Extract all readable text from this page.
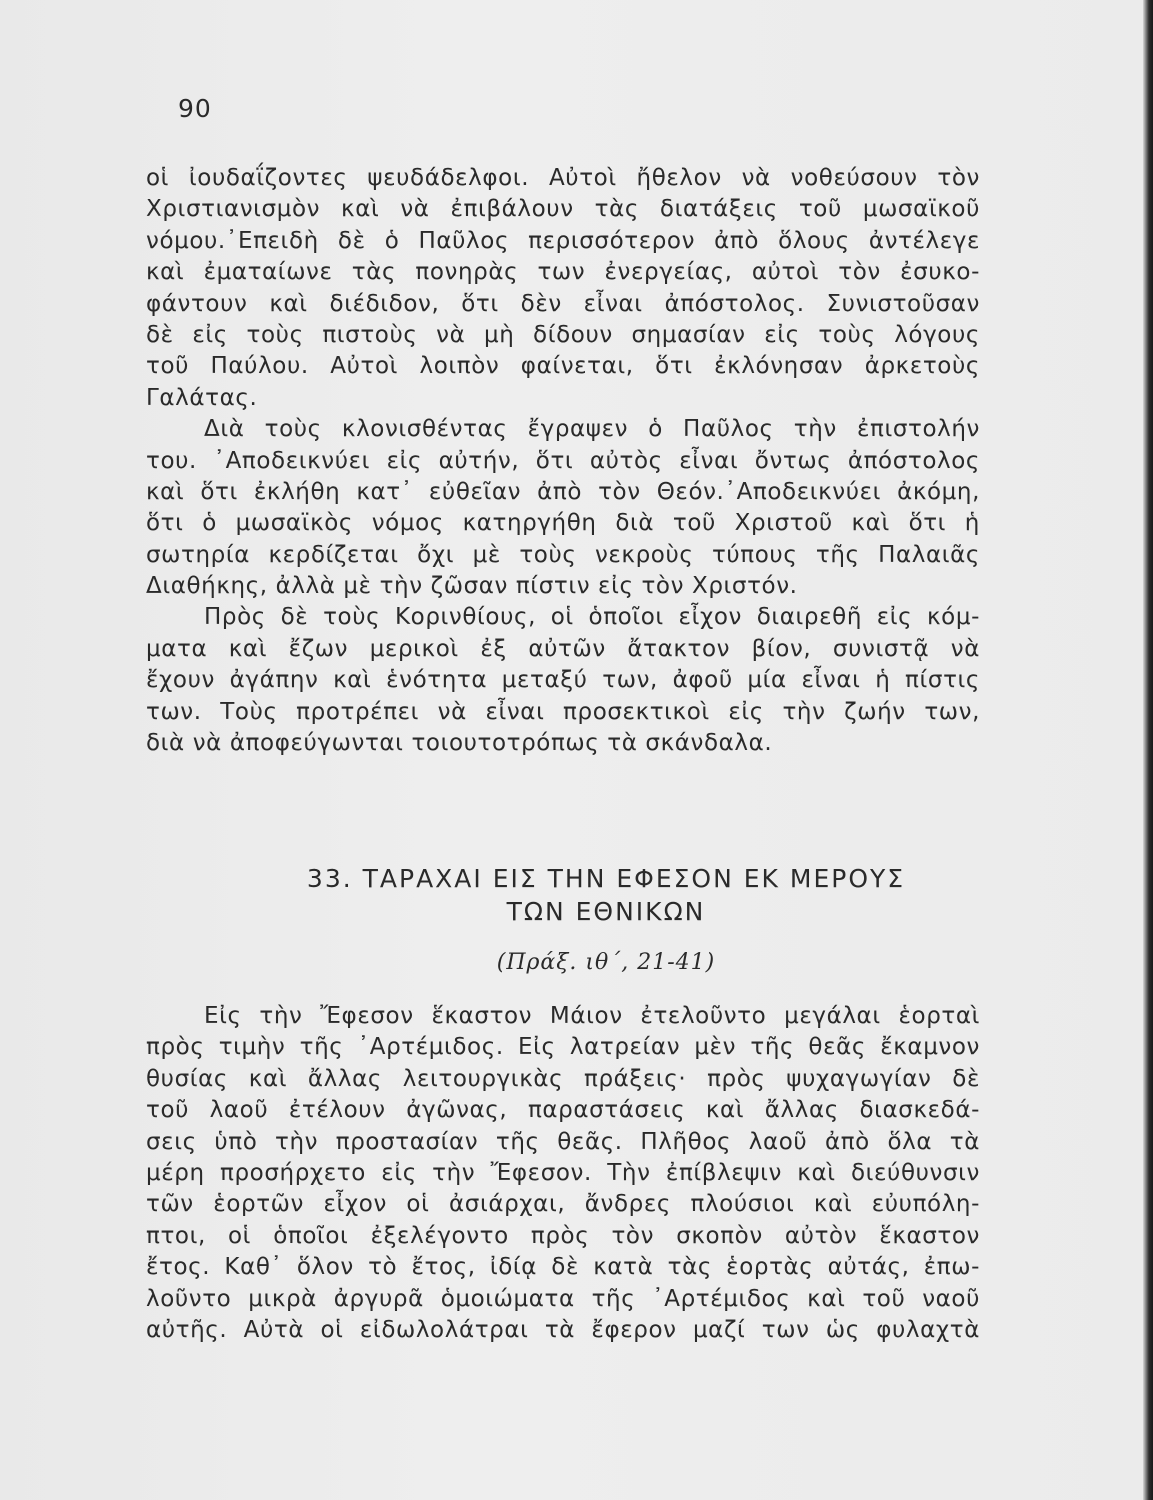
90
οἱ ἰουδαΐζοντες ψευδάδελφοι. Αὐτοὶ ἤθελον νὰ νοθεύσουν τὸν
Χριστιανισμὸν καὶ νὰ ἐπιβάλουν τὰς διατάξεις τοῦ μωσαϊκοῦ
νόμου.᾿Επειδὴ δὲ ὁ Παῦλος περισσότερον ἀπὸ ὅλους ἀντέλεγε
καὶ ἐματαίωνε τὰς πονηρὰς των ἐνεργείας, αὐτοὶ τὸν ἐσυκο-
φάντουν καὶ διέδιδον, ὅτι δὲν εἶναι ἀπόστολος. Συνιστοῦσαν
δὲ εἰς τοὺς πιστοὺς νὰ μὴ δίδουν σημασίαν εἰς τοὺς λόγους
τοῦ Παύλου. Αὐτοὶ λοιπὸν φαίνεται, ὅτι ἐκλόνησαν ἀρκετοὺς
Γαλάτας.
Διὰ τοὺς κλονισθέντας ἔγραψεν ὁ Παῦλος τὴν ἐπιστολήν
του. ᾿Αποδεικνύει εἰς αὐτήν, ὅτι αὐτὸς εἶναι ὄντως ἀπόστολος
καὶ ὅτι ἐκλήθη κατ᾿ εὐθεῖαν ἀπὸ τὸν Θεόν.᾿Αποδεικνύει ἀκόμη,
ὅτι ὁ μωσαϊκὸς νόμος κατηργήθη διὰ τοῦ Χριστοῦ καὶ ὅτι ἡ
σωτηρία κερδίζεται ὄχι μὲ τοὺς νεκροὺς τύπους τῆς Παλαιᾶς
Διαθήκης, ἀλλὰ μὲ τὴν ζῶσαν πίστιν εἰς τὸν Χριστόν.
Πρὸς δὲ τοὺς Κορινθίους, οἱ ὁποῖοι εἶχον διαιρεθῆ εἰς κόμ-
ματα καὶ ἔζων μερικοὶ ἐξ αὐτῶν ἄτακτον βίον, συνιστᾷ νὰ
ἔχουν ἀγάπην καὶ ἑνότητα μεταξύ των, ἀφοῦ μία εἶναι ἡ πίστις
των. Τοὺς προτρέπει νὰ εἶναι προσεκτικοὶ εἰς τὴν ζωήν των,
διὰ νὰ ἀποφεύγωνται τοιουτοτρόπως τὰ σκάνδαλα.
33. ΤΑΡΑΧΑΙ ΕΙΣ ΤΗΝ ΕΦΕΣΟΝ ΕΚ ΜΕΡΟΥΣ
ΤΩΝ ΕΘΝΙΚΩΝ
(Πράξ. ιθ΄, 21-41)
Εἰς τὴν Ἔφεσον ἕκαστον Μάιον ἐτελοῦντο μεγάλαι ἑορταὶ
πρὸς τιμὴν τῆς ᾿Αρτέμιδος. Εἰς λατρείαν μὲν τῆς θεᾶς ἔκαμνον
θυσίας καὶ ἄλλας λειτουργικὰς πράξεις· πρὸς ψυχαγωγίαν δὲ
τοῦ λαοῦ ἐτέλουν ἀγῶνας, παραστάσεις καὶ ἄλλας διασκεδά-
σεις ὑπὸ τὴν προστασίαν τῆς θεᾶς. Πλῆθος λαοῦ ἀπὸ ὅλα τὰ
μέρη προσήρχετο εἰς τὴν Ἔφεσον. Τὴν ἐπίβλεψιν καὶ διεύθυνσιν
τῶν ἑορτῶν εἶχον οἱ ἀσιάρχαι, ἄνδρες πλούσιοι καὶ εὐυπόλη-
πτοι, οἱ ὁποῖοι ἐξελέγοντο πρὸς τὸν σκοπὸν αὐτὸν ἕκαστον
ἔτος. Καθ᾿ ὅλον τὸ ἔτος, ἰδίᾳ δὲ κατὰ τὰς ἑορτὰς αὐτάς, ἐπω-
λοῦντο μικρὰ ἀργυρᾶ ὁμοιώματα τῆς ᾿Αρτέμιδος καὶ τοῦ ναοῦ
αὐτῆς. Αὐτὰ οἱ εἰδωλολάτραι τὰ ἔφερον μαζί των ὡς φυλαχτὰ
